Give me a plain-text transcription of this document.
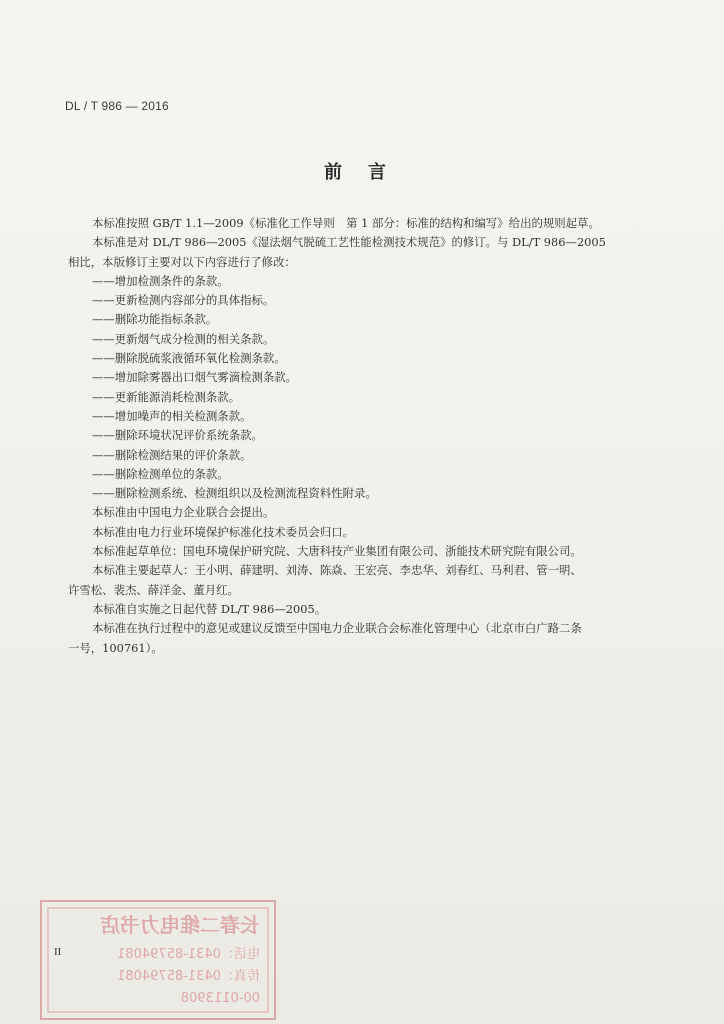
DL / T 986 — 2016
前言

本标准按照 GB/T 1.1—2009《标准化工作导则　第 1 部分：标准的结构和编写》给出的规则起草。

本标准是对 DL/T 986—2005《湿法烟气脱硫工艺性能检测技术规范》的修订。与 DL/T 986—2005

相比，本版修订主要对以下内容进行了修改：

——增加检测条件的条款。

——更新检测内容部分的具体指标。

——删除功能指标条款。

——更新烟气成分检测的相关条款。

——删除脱硫浆液循环氧化检测条款。

——增加除雾器出口烟气雾滴检测条款。

——更新能源消耗检测条款。

——增加噪声的相关检测条款。

——删除环境状况评价系统条款。

——删除检测结果的评价条款。

——删除检测单位的条款。

——删除检测系统、检测组织以及检测流程资料性附录。

本标准由中国电力企业联合会提出。

本标准由电力行业环境保护标准化技术委员会归口。

本标准起草单位：国电环境保护研究院、大唐科技产业集团有限公司、浙能技术研究院有限公司。

本标准主要起草人：王小明、薛建明、刘涛、陈焱、王宏亮、李忠华、刘春红、马利君、管一明、

许雪松、裴杰、薛洋金、董月红。

本标准自实施之日起代替 DL/T 986—2005。

本标准在执行过程中的意见或建议反馈至中国电力企业联合会标准化管理中心（北京市白广路二条

一号，100761）。

II
长春二维电力书店
电话：0431-85794081
传真：0431-85794081
00-0113908
